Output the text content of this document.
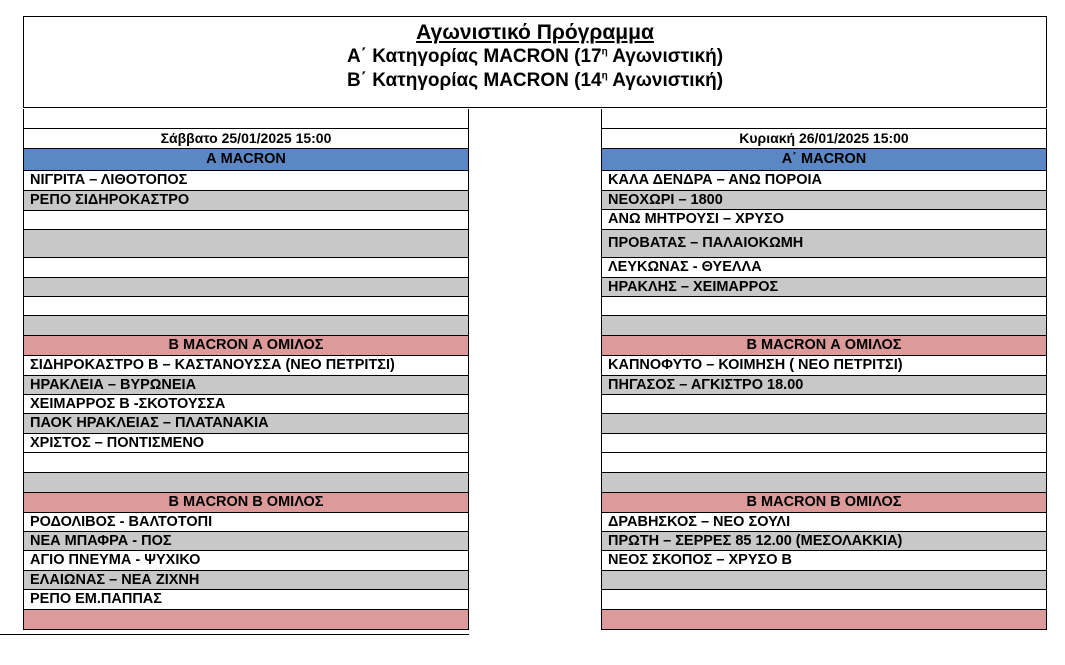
Αγωνιστικό Πρόγραμμα
Α΄ Κατηγορίας MACRON ($17^\eta$ Αγωνιστική)
Β΄ Κατηγορίας MACRON ($14^\eta$ Αγωνιστική)
Σάββατο 25/01/2025 15:00
Α MACRON
ΝΙΓΡΙΤΑ – ΛΙΘΟΤΟΠΟΣ
ΡΕΠΟ ΣΙΔΗΡΟΚΑΣΤΡΟ
Β MACRON Α ΟΜΙΛΟΣ
ΣΙΔΗΡΟΚΑΣΤΡΟ Β – ΚΑΣΤΑΝΟΥΣΣΑ (ΝΕΟ ΠΕΤΡΙΤΣΙ)
ΗΡΑΚΛΕΙΑ – ΒΥΡΩΝΕΙΑ
ΧΕΙΜΑΡΡΟΣ Β -ΣΚΟΤΟΥΣΣΑ
ΠΑΟΚ ΗΡΑΚΛΕΙΑΣ – ΠΛΑΤΑΝΑΚΙΑ
ΧΡΙΣΤΟΣ – ΠΟΝΤΙΣΜΕΝΟ
Β MACRON Β ΟΜΙΛΟΣ
ΡΟΔΟΛΙΒΟΣ - ΒΑΛΤΟΤΟΠΙ
ΝΕΑ ΜΠΑΦΡΑ - ΠΟΣ
ΑΓΙΟ ΠΝΕΥΜΑ - ΨΥΧΙΚΟ
ΕΛΑΙΩΝΑΣ – ΝΕΑ ΖΙΧΝΗ
ΡΕΠΟ ΕΜ.ΠΑΠΠΑΣ
Κυριακή 26/01/2025 15:00
Α΄ MACRON
ΚΑΛΑ ΔΕΝΔΡΑ – ΑΝΩ ΠΟΡΟΙΑ
ΝΕΟΧΩΡΙ – 1800
ΑΝΩ ΜΗΤΡΟΥΣΙ – ΧΡΥΣΟ
ΠΡΟΒΑΤΑΣ – ΠΑΛΑΙΟΚΩΜΗ
ΛΕΥΚΩΝΑΣ - ΘΥΕΛΛΑ
ΗΡΑΚΛΗΣ – ΧΕΙΜΑΡΡΟΣ
Β MACRON Α ΟΜΙΛΟΣ
ΚΑΠΝΟΦΥΤΟ – ΚΟΙΜΗΣΗ ( ΝΕΟ ΠΕΤΡΙΤΣΙ)
ΠΗΓΑΣΟΣ – ΑΓΚΙΣΤΡΟ 18.00
Β MACRON Β ΟΜΙΛΟΣ
ΔΡΑΒΗΣΚΟΣ – ΝΕΟ ΣΟΥΛΙ
ΠΡΩΤΗ – ΣΕΡΡΕΣ 85 12.00 (ΜΕΣΟΛΑΚΚΙΑ)
ΝΕΟΣ ΣΚΟΠΟΣ – ΧΡΥΣΟ Β
